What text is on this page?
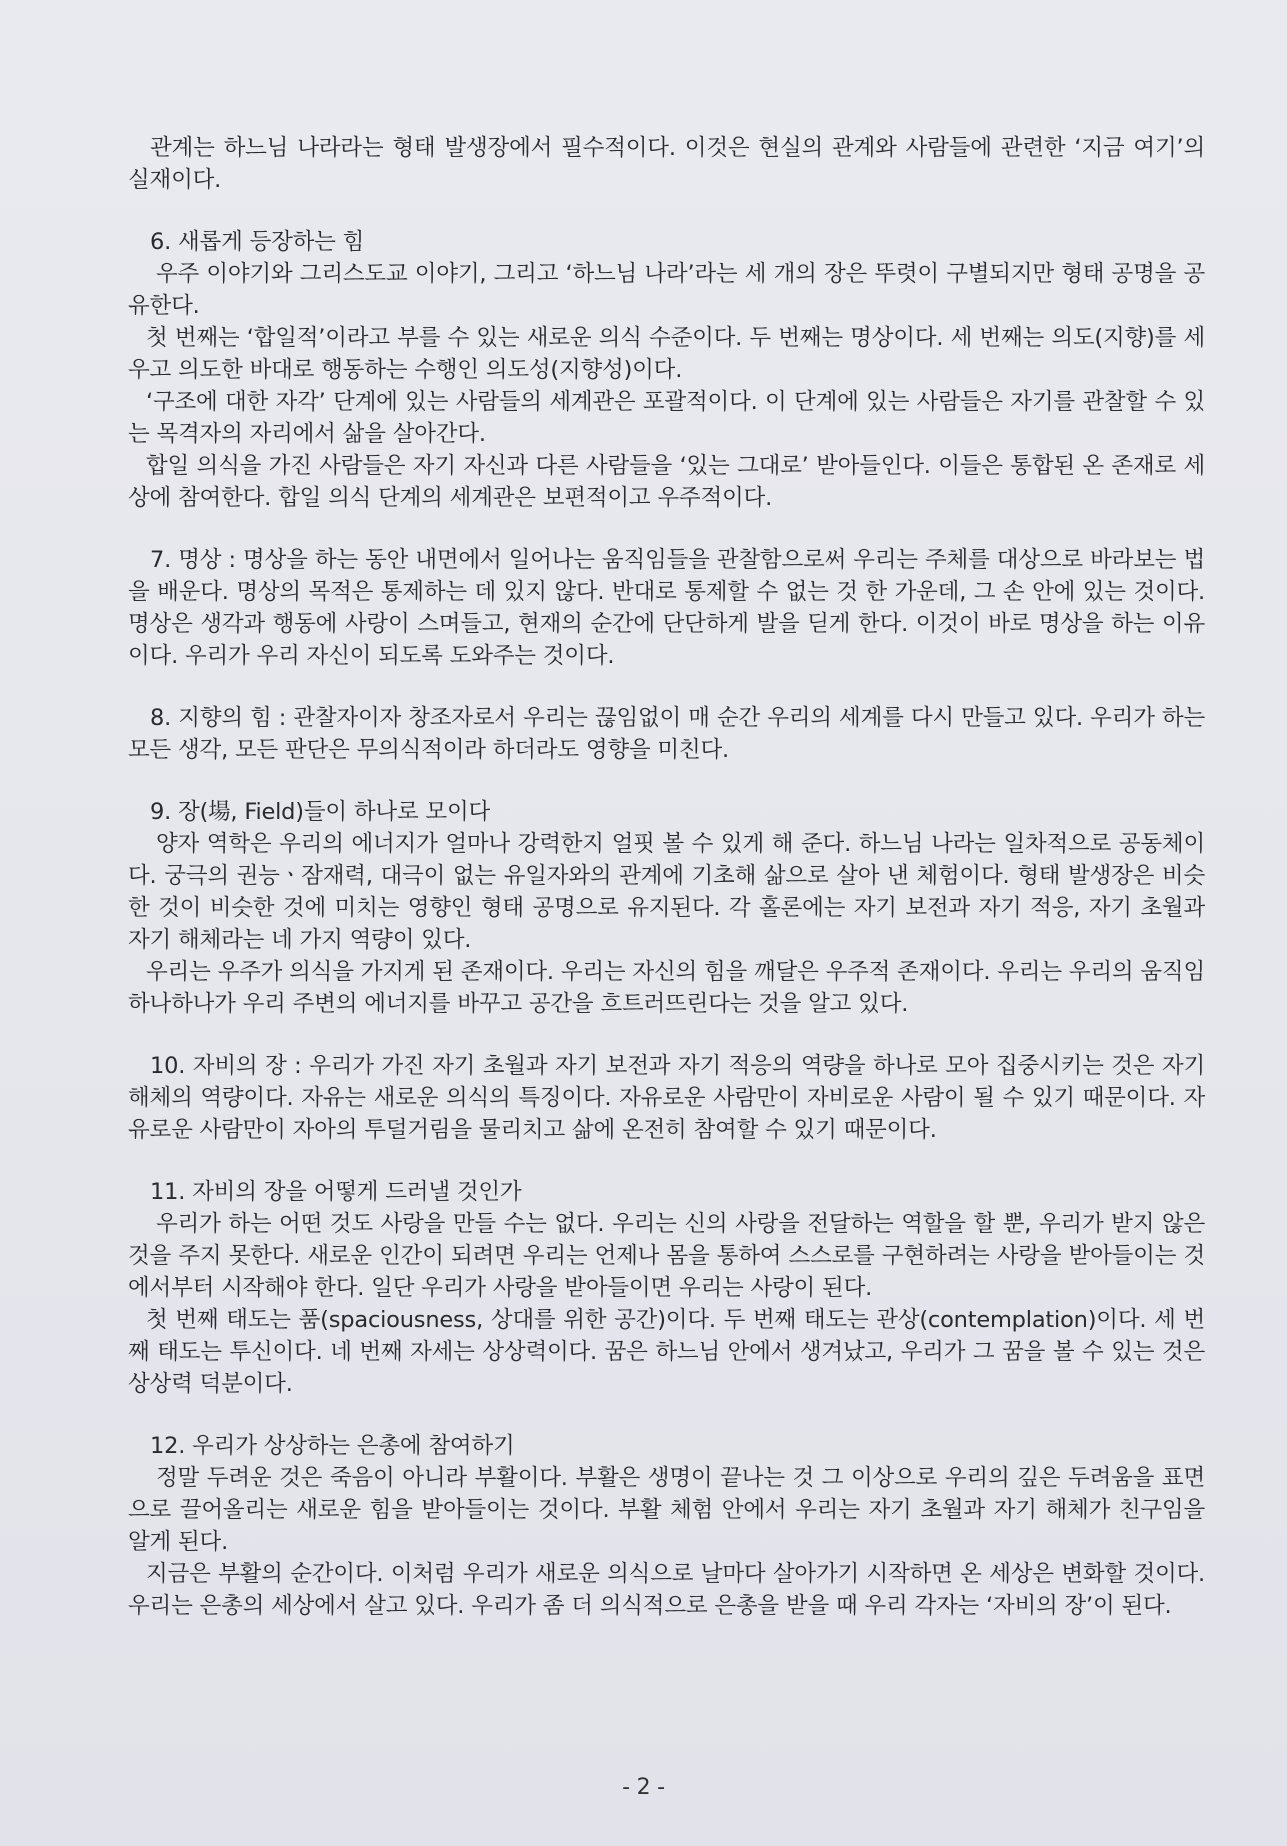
관계는 하느님 나라라는 형태 발생장에서 필수적이다. 이것은 현실의 관계와 사람들에 관련한 ‘지금 여기’의 실재이다.

6. 새롭게 등장하는 힘

우주 이야기와 그리스도교 이야기, 그리고 ‘하느님 나라’라는 세 개의 장은 뚜렷이 구별되지만 형태 공명을 공유한다.

첫 번째는 ‘합일적’이라고 부를 수 있는 새로운 의식 수준이다. 두 번째는 명상이다. 세 번째는 의도(지향)를 세우고 의도한 바대로 행동하는 수행인 의도성(지향성)이다.

‘구조에 대한 자각’ 단계에 있는 사람들의 세계관은 포괄적이다. 이 단계에 있는 사람들은 자기를 관찰할 수 있는 목격자의 자리에서 삶을 살아간다.

합일 의식을 가진 사람들은 자기 자신과 다른 사람들을 ‘있는 그대로’ 받아들인다. 이들은 통합된 온 존재로 세상에 참여한다. 합일 의식 단계의 세계관은 보편적이고 우주적이다.

7. 명상 : 명상을 하는 동안 내면에서 일어나는 움직임들을 관찰함으로써 우리는 주체를 대상으로 바라보는 법을 배운다. 명상의 목적은 통제하는 데 있지 않다. 반대로 통제할 수 없는 것 한 가운데, 그 손 안에 있는 것이다. 명상은 생각과 행동에 사랑이 스며들고, 현재의 순간에 단단하게 발을 딛게 한다. 이것이 바로 명상을 하는 이유이다. 우리가 우리 자신이 되도록 도와주는 것이다.

8. 지향의 힘 : 관찰자이자 창조자로서 우리는 끊임없이 매 순간 우리의 세계를 다시 만들고 있다. 우리가 하는 모든 생각, 모든 판단은 무의식적이라 하더라도 영향을 미친다.

9. 장(場, Field)들이 하나로 모이다

양자 역학은 우리의 에너지가 얼마나 강력한지 얼핏 볼 수 있게 해 준다. 하느님 나라는 일차적으로 공동체이다. 궁극의 권능ㆍ잠재력, 대극이 없는 유일자와의 관계에 기초해 삶으로 살아 낸 체험이다. 형태 발생장은 비슷한 것이 비슷한 것에 미치는 영향인 형태 공명으로 유지된다. 각 홀론에는 자기 보전과 자기 적응, 자기 초월과 자기 해체라는 네 가지 역량이 있다.

우리는 우주가 의식을 가지게 된 존재이다. 우리는 자신의 힘을 깨달은 우주적 존재이다. 우리는 우리의 움직임 하나하나가 우리 주변의 에너지를 바꾸고 공간을 흐트러뜨린다는 것을 알고 있다.

10. 자비의 장 : 우리가 가진 자기 초월과 자기 보전과 자기 적응의 역량을 하나로 모아 집중시키는 것은 자기 해체의 역량이다. 자유는 새로운 의식의 특징이다. 자유로운 사람만이 자비로운 사람이 될 수 있기 때문이다. 자유로운 사람만이 자아의 투덜거림을 물리치고 삶에 온전히 참여할 수 있기 때문이다.

11. 자비의 장을 어떻게 드러낼 것인가

우리가 하는 어떤 것도 사랑을 만들 수는 없다. 우리는 신의 사랑을 전달하는 역할을 할 뿐, 우리가 받지 않은 것을 주지 못한다. 새로운 인간이 되려면 우리는 언제나 몸을 통하여 스스로를 구현하려는 사랑을 받아들이는 것에서부터 시작해야 한다. 일단 우리가 사랑을 받아들이면 우리는 사랑이 된다.

첫 번째 태도는 품(spaciousness, 상대를 위한 공간)이다. 두 번째 태도는 관상(contemplation)이다. 세 번째 태도는 투신이다. 네 번째 자세는 상상력이다. 꿈은 하느님 안에서 생겨났고, 우리가 그 꿈을 볼 수 있는 것은 상상력 덕분이다.

12. 우리가 상상하는 은총에 참여하기

정말 두려운 것은 죽음이 아니라 부활이다. 부활은 생명이 끝나는 것 그 이상으로 우리의 깊은 두려움을 표면으로 끌어올리는 새로운 힘을 받아들이는 것이다. 부활 체험 안에서 우리는 자기 초월과 자기 해체가 친구임을 알게 된다.

지금은 부활의 순간이다. 이처럼 우리가 새로운 의식으로 날마다 살아가기 시작하면 온 세상은 변화할 것이다. 우리는 은총의 세상에서 살고 있다. 우리가 좀 더 의식적으로 은총을 받을 때 우리 각자는 ‘자비의 장’이 된다.

- 2 -
